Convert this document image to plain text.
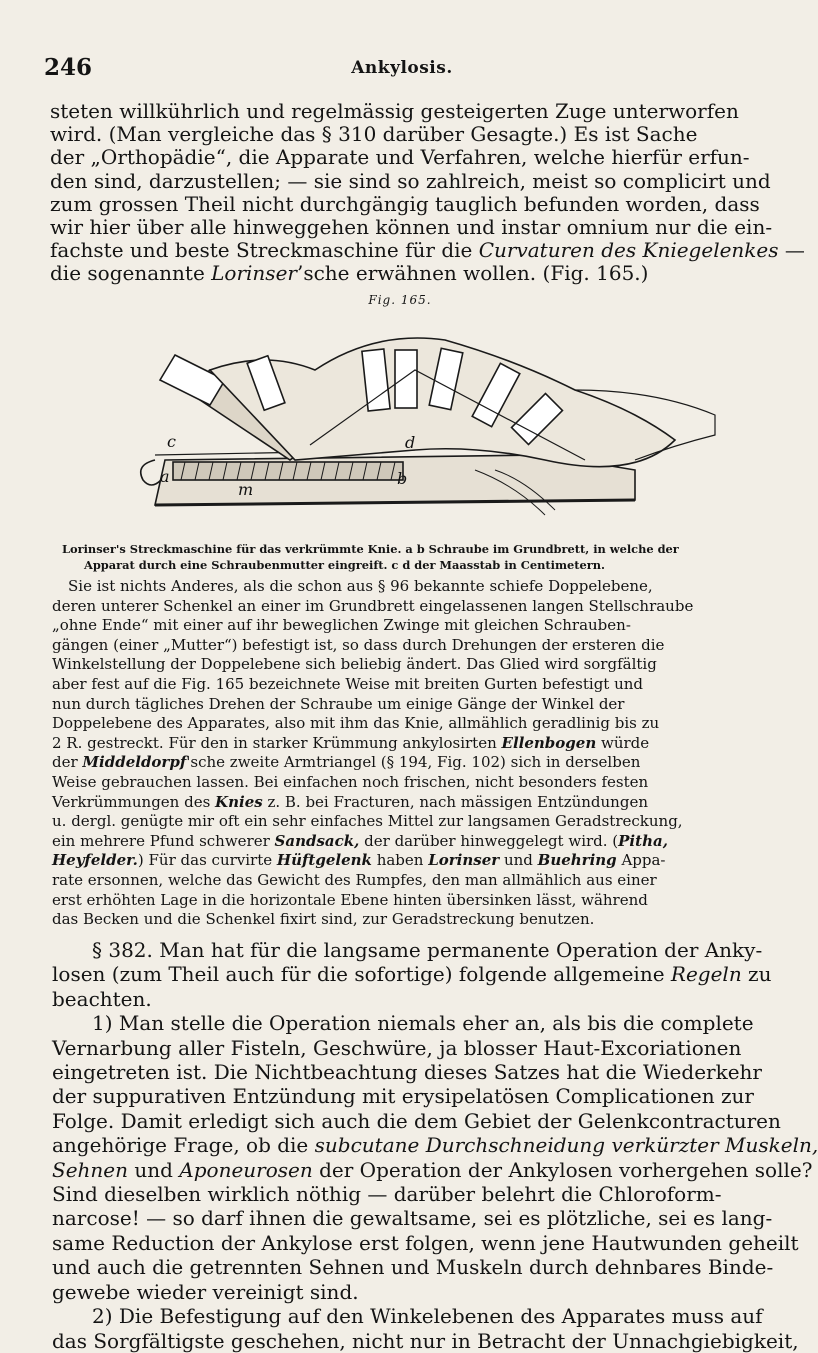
246	Ankylosis.
steten willkührlich und regelmässig gesteigerten Zuge unterworfen
wird. (Man vergleiche das § 310 darüber Gesagte.) Es ist Sache
der „Orthopädie“, die Apparate und Verfahren, welche hierfür erfun-
den sind, darzustellen; — sie sind so zahlreich, meist so complicirt und
zum grossen Theil nicht durchgängig tauglich befunden worden, dass
wir hier über alle hinweggehen können und instar omnium nur die ein-
fachste und beste Streckmaschine für die Curvaturen des Kniegelenkes —
die sogenannte Lorinser’sche erwähnen wollen. (Fig. 165.)
Fig. 165.
c	d
a	b
m
Lorinser's Streckmaschine für das verkrümmte Knie. a b Schraube im Grundbrett, in welche der
Apparat durch eine Schraubenmutter eingreift. c d der Maasstab in Centimetern.
Sie ist nichts Anderes, als die schon aus § 96 bekannte schiefe Doppelebene,
deren unterer Schenkel an einer im Grundbrett eingelassenen langen Stellschraube
„ohne Ende“ mit einer auf ihr beweglichen Zwinge mit gleichen Schrauben-
gängen (einer „Mutter“) befestigt ist, so dass durch Drehungen der ersteren die
Winkelstellung der Doppelebene sich beliebig ändert. Das Glied wird sorgfältig
aber fest auf die Fig. 165 bezeichnete Weise mit breiten Gurten befestigt und
nun durch tägliches Drehen der Schraube um einige Gänge der Winkel der
Doppelebene des Apparates, also mit ihm das Knie, allmählich geradlinig bis zu
2 R. gestreckt. Für den in starker Krümmung ankylosirten Ellenbogen würde
der Middeldorpf'sche zweite Armtriangel (§ 194, Fig. 102) sich in derselben
Weise gebrauchen lassen. Bei einfachen noch frischen, nicht besonders festen
Verkrümmungen des Knies z. B. bei Fracturen, nach mässigen Entzündungen
u. dergl. genügte mir oft ein sehr einfaches Mittel zur langsamen Geradstreckung,
ein mehrere Pfund schwerer Sandsack, der darüber hinweggelegt wird. (Pitha,
Heyfelder.) Für das curvirte Hüftgelenk haben Lorinser und Buehring Appa-
rate ersonnen, welche das Gewicht des Rumpfes, den man allmählich aus einer
erst erhöhten Lage in die horizontale Ebene hinten übersinken lässt, während
das Becken und die Schenkel fixirt sind, zur Geradstreckung benutzen.
§ 382. Man hat für die langsame permanente Operation der Anky-
losen (zum Theil auch für die sofortige) folgende allgemeine Regeln zu
beachten.
1) Man stelle die Operation niemals eher an, als bis die complete
Vernarbung aller Fisteln, Geschwüre, ja blosser Haut-Excoriationen
eingetreten ist. Die Nichtbeachtung dieses Satzes hat die Wiederkehr
der suppurativen Entzündung mit erysipelatösen Complicationen zur
Folge. Damit erledigt sich auch die dem Gebiet der Gelenkcontracturen
angehörige Frage, ob die subcutane Durchschneidung verkürzter Muskeln,
Sehnen und Aponeurosen der Operation der Ankylosen vorhergehen solle?
Sind dieselben wirklich nöthig — darüber belehrt die Chloroform-
narcose! — so darf ihnen die gewaltsame, sei es plötzliche, sei es lang-
same Reduction der Ankylose erst folgen, wenn jene Hautwunden geheilt
und auch die getrennten Sehnen und Muskeln durch dehnbares Binde-
gewebe wieder vereinigt sind.
2) Die Befestigung auf den Winkelebenen des Apparates muss auf
das Sorgfältigste geschehen, nicht nur in Betracht der Unnachgiebigkeit,
